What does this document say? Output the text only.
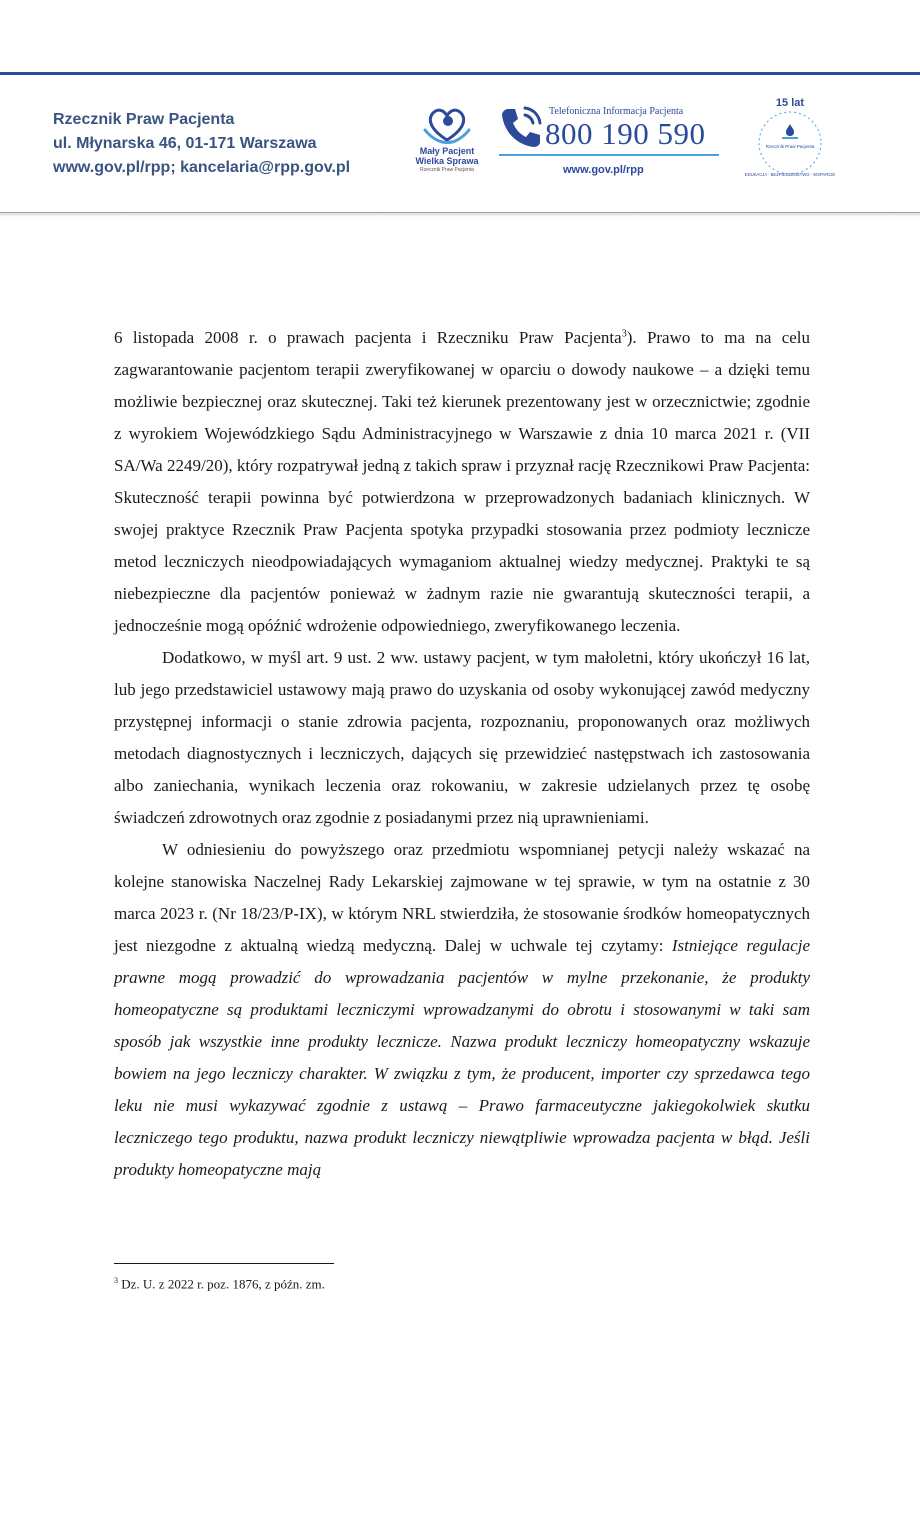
Rzecznik Praw Pacjenta
ul. Młynarska 46, 01-171 Warszawa
www.gov.pl/rpp; kancelaria@rpp.gov.pl
Mały Pacjent
Wielka Sprawa
Rzecznik Praw Pacjenta
Telefoniczna Informacja Pacjenta
800 190 590
www.gov.pl/rpp
15 lat
Rzecznik Praw Pacjenta
EDUKACJA · BEZPIECZEŃSTWO · WSPARCIE

6 listopada 2008 r. o prawach pacjenta i Rzeczniku Praw Pacjenta$^3$). Prawo to ma na celu zagwarantowanie pacjentom terapii zweryfikowanej w oparciu o dowody naukowe – a dzięki temu możliwie bezpiecznej oraz skutecznej. Taki też kierunek prezentowany jest w orzecznictwie; zgodnie z wyrokiem Wojewódzkiego Sądu Administracyjnego w Warszawie z dnia 10 marca 2021 r. (VII SA/Wa 2249/20), który rozpatrywał jedną z takich spraw i przyznał rację Rzecznikowi Praw Pacjenta: Skuteczność terapii powinna być potwierdzona w przeprowadzonych badaniach klinicznych. W swojej praktyce Rzecznik Praw Pacjenta spotyka przypadki stosowania przez podmioty lecznicze metod leczniczych nieodpowiadających wymaganiom aktualnej wiedzy medycznej. Praktyki te są niebezpieczne dla pacjentów ponieważ w żadnym razie nie gwarantują skuteczności terapii, a jednocześnie mogą opóźnić wdrożenie odpowiedniego, zweryfikowanego leczenia.

Dodatkowo, w myśl art. 9 ust. 2 ww. ustawy pacjent, w tym małoletni, który ukończył 16 lat, lub jego przedstawiciel ustawowy mają prawo do uzyskania od osoby wykonującej zawód medyczny przystępnej informacji o stanie zdrowia pacjenta, rozpoznaniu, proponowanych oraz możliwych metodach diagnostycznych i leczniczych, dających się przewidzieć następstwach ich zastosowania albo zaniechania, wynikach leczenia oraz rokowaniu, w zakresie udzielanych przez tę osobę świadczeń zdrowotnych oraz zgodnie z posiadanymi przez nią uprawnieniami.

W odniesieniu do powyższego oraz przedmiotu wspomnianej petycji należy wskazać na kolejne stanowiska Naczelnej Rady Lekarskiej zajmowane w tej sprawie, w tym na ostatnie z 30 marca 2023 r. (Nr 18/23/P-IX), w którym NRL stwierdziła, że stosowanie środków homeopatycznych jest niezgodne z aktualną wiedzą medyczną. Dalej w uchwale tej czytamy: Istniejące regulacje prawne mogą prowadzić do wprowadzania pacjentów w mylne przekonanie, że produkty homeopatyczne są produktami leczniczymi wprowadzanymi do obrotu i stosowanymi w taki sam sposób jak wszystkie inne produkty lecznicze. Nazwa produkt leczniczy homeopatyczny wskazuje bowiem na jego leczniczy charakter. W związku z tym, że producent, importer czy sprzedawca tego leku nie musi wykazywać zgodnie z ustawą – Prawo farmaceutyczne jakiegokolwiek skutku leczniczego tego produktu, nazwa produkt leczniczy niewątpliwie wprowadza pacjenta w błąd. Jeśli produkty homeopatyczne mają

$^3$ Dz. U. z 2022 r. poz. 1876, z późn. zm.
